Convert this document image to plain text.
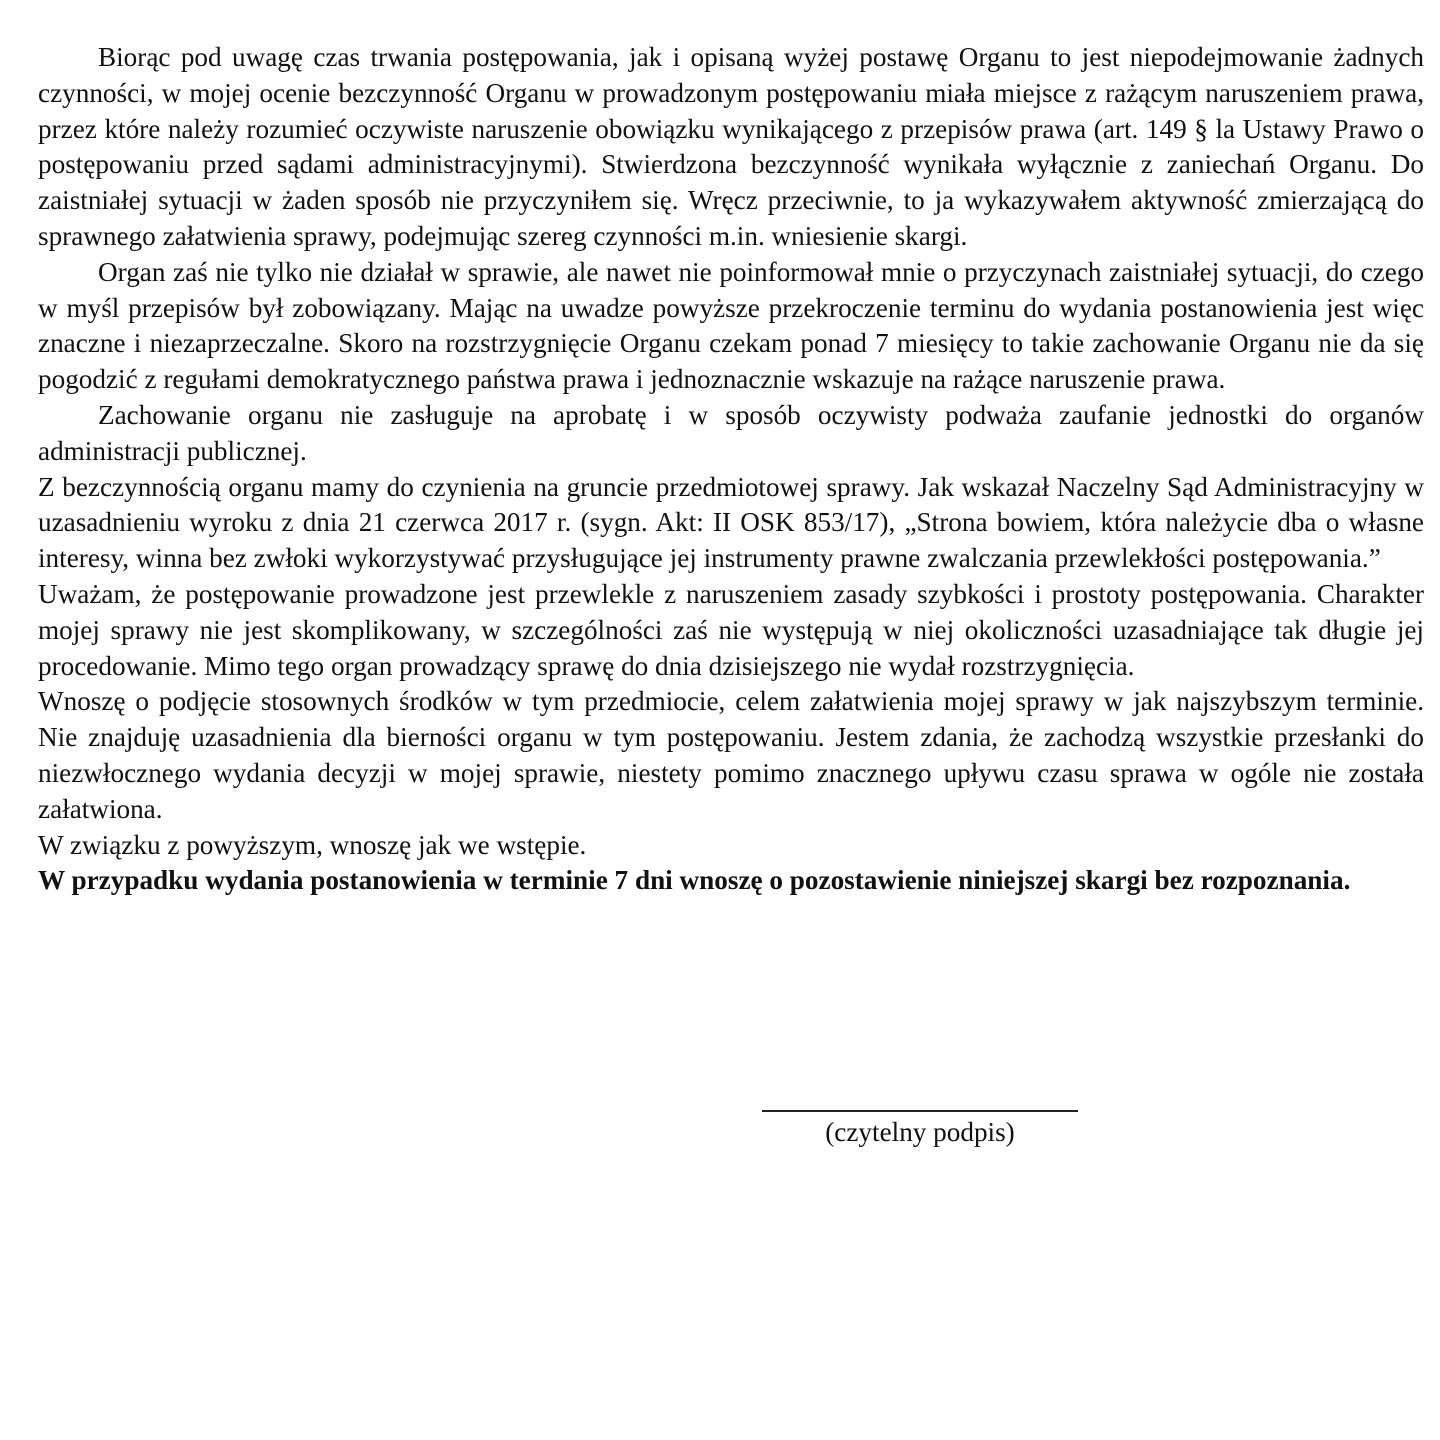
Biorąc pod uwagę czas trwania postępowania, jak i opisaną wyżej postawę Organu to jest niepodejmowanie żadnych czynności, w mojej ocenie bezczynność Organu w prowadzonym postępowaniu miała miejsce z rażącym naruszeniem prawa, przez które należy rozumieć oczywiste naruszenie obowiązku wynikającego z przepisów prawa (art. 149 § la Ustawy Prawo o postępowaniu przed sądami administracyjnymi). Stwierdzona bezczynność wynikała wyłącznie z zaniechań Organu. Do zaistniałej sytuacji w żaden sposób nie przyczyniłem się. Wręcz przeciwnie, to ja wykazywałem aktywność zmierzającą do sprawnego załatwienia sprawy, podejmując szereg czynności m.in. wniesienie skargi.

Organ zaś nie tylko nie działał w sprawie, ale nawet nie poinformował mnie o przyczynach zaistniałej sytuacji, do czego w myśl przepisów był zobowiązany. Mając na uwadze powyższe przekroczenie terminu do wydania postanowienia jest więc znaczne i niezaprzeczalne. Skoro na rozstrzygnięcie Organu czekam ponad 7 miesięcy to takie zachowanie Organu nie da się pogodzić z regułami demokratycznego państwa prawa i jednoznacznie wskazuje na rażące naruszenie prawa.

Zachowanie organu nie zasługuje na aprobatę i w sposób oczywisty podważa zaufanie jednostki do organów administracji publicznej.

Z bezczynnością organu mamy do czynienia na gruncie przedmiotowej sprawy. Jak wskazał Naczelny Sąd Administracyjny w uzasadnieniu wyroku z dnia 21 czerwca 2017 r. (sygn. Akt: II OSK 853/17), „Strona bowiem, która należycie dba o własne interesy, winna bez zwłoki wykorzystywać przysługujące jej instrumenty prawne zwalczania przewlekłości postępowania.”

Uważam, że postępowanie prowadzone jest przewlekle z naruszeniem zasady szybkości i prostoty postępowania. Charakter mojej sprawy nie jest skomplikowany, w szczególności zaś nie występują w niej okoliczności uzasadniające tak długie jej procedowanie. Mimo tego organ prowadzący sprawę do dnia dzisiejszego nie wydał rozstrzygnięcia.

Wnoszę o podjęcie stosownych środków w tym przedmiocie, celem załatwienia mojej sprawy w jak najszybszym terminie. Nie znajduję uzasadnienia dla bierności organu w tym postępowaniu. Jestem zdania, że zachodzą wszystkie przesłanki do niezwłocznego wydania decyzji w mojej sprawie, niestety pomimo znacznego upływu czasu sprawa w ogóle nie została załatwiona.

W związku z powyższym, wnoszę jak we wstępie.

W przypadku wydania postanowienia w terminie 7 dni wnoszę o pozostawienie niniejszej skargi bez rozpoznania.

(czytelny podpis)
